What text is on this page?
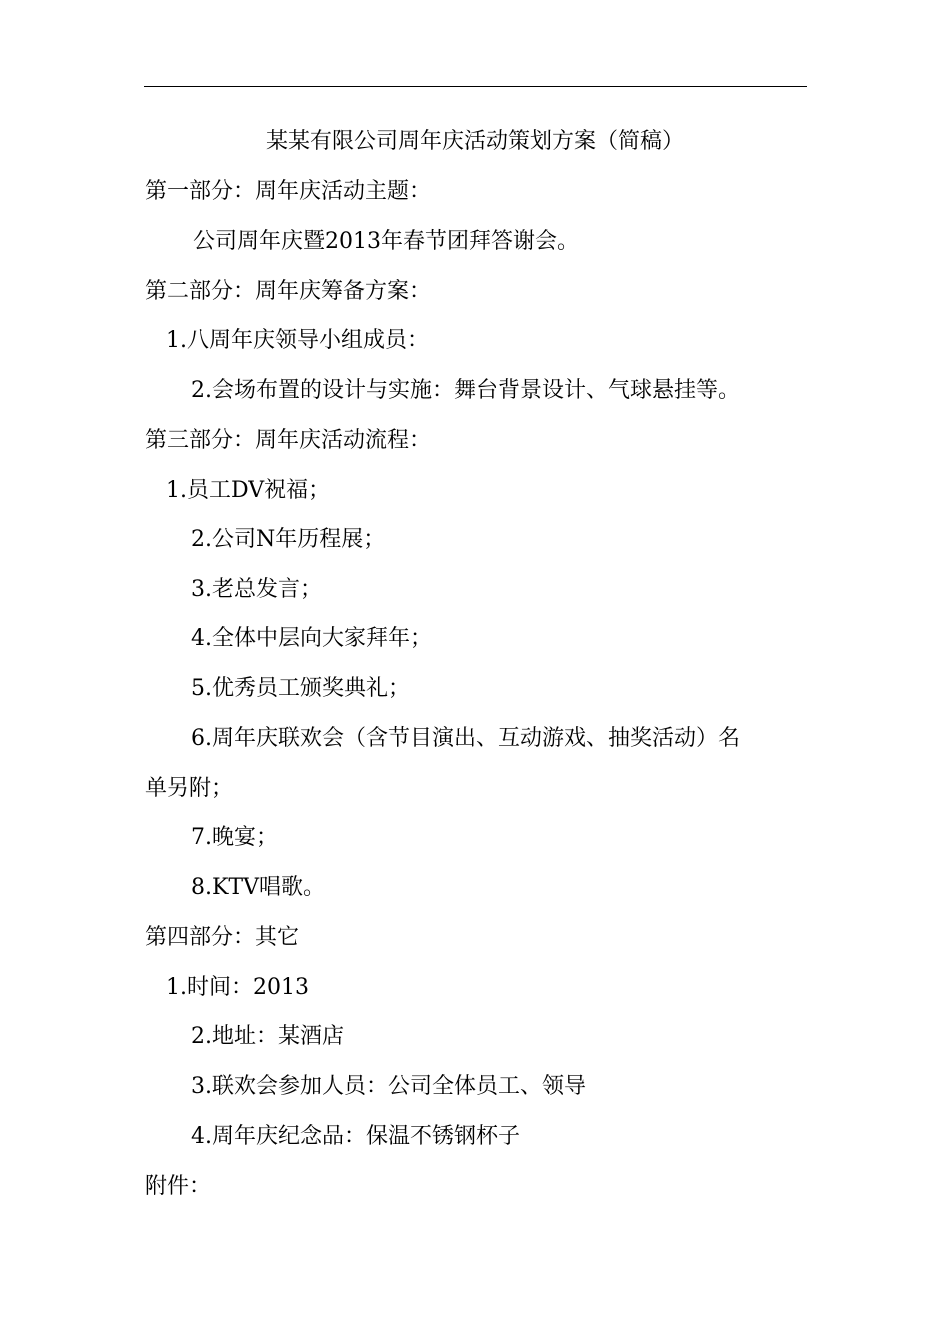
某某有限公司周年庆活动策划方案（简稿）
第一部分：周年庆活动主题：
公司周年庆暨2013年春节团拜答谢会。
第二部分：周年庆筹备方案：
1.八周年庆领导小组成员：
2.会场布置的设计与实施：舞台背景设计、气球悬挂等。
第三部分：周年庆活动流程：
1.员工DV祝福；
2.公司N年历程展；
3.老总发言；
4.全体中层向大家拜年；
5.优秀员工颁奖典礼；
6.周年庆联欢会（含节目演出、互动游戏、抽奖活动）名
单另附；
7.晚宴；
8.KTV唱歌。
第四部分：其它
1.时间：2013
2.地址：某酒店
3.联欢会参加人员：公司全体员工、领导
4.周年庆纪念品：保温不锈钢杯子
附件：
